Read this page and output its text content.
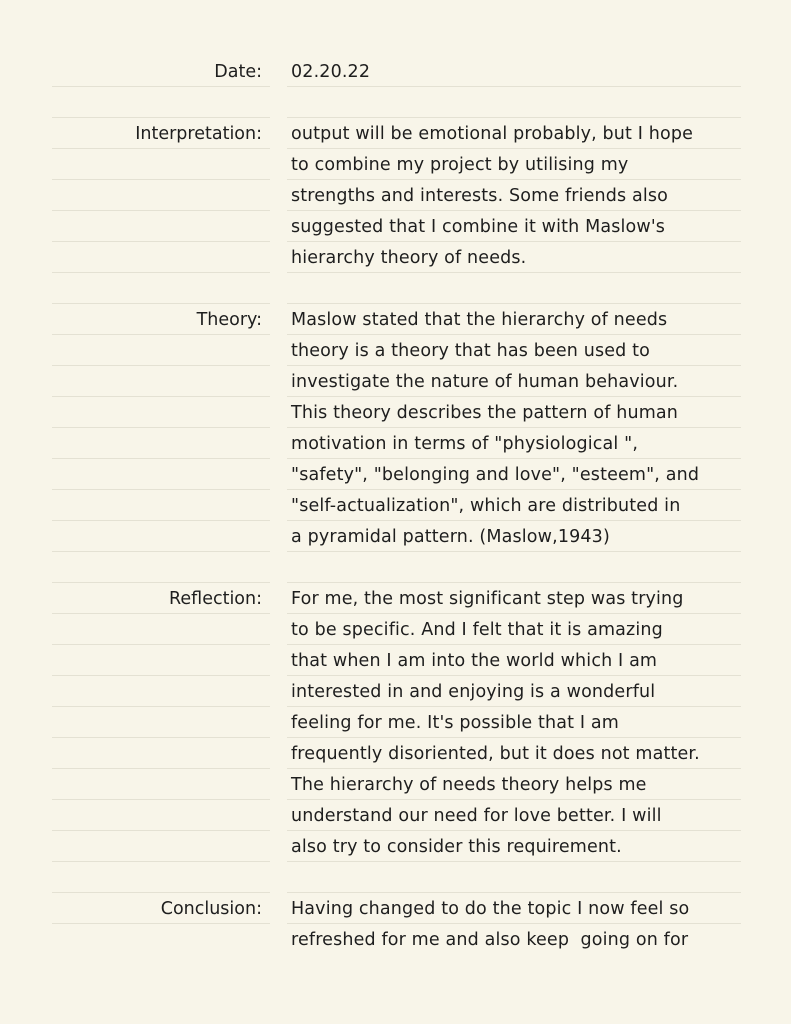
Date: 02.20.22
Interpretation: output will be emotional probably, but I hope
to combine my project by utilising my
strengths and interests. Some friends also
suggested that I combine it with Maslow's
hierarchy theory of needs.
Theory: Maslow stated that the hierarchy of needs
theory is a theory that has been used to
investigate the nature of human behaviour.
This theory describes the pattern of human
motivation in terms of "physiological ",
"safety", "belonging and love", "esteem", and
"self-actualization", which are distributed in
a pyramidal pattern. (Maslow,1943)
Reflection: For me, the most significant step was trying
to be specific. And I felt that it is amazing
that when I am into the world which I am
interested in and enjoying is a wonderful
feeling for me. It's possible that I am
frequently disoriented, but it does not matter.
The hierarchy of needs theory helps me
understand our need for love better. I will
also try to consider this requirement.
Conclusion: Having changed to do the topic I now feel so
refreshed for me and also keep  going on for
